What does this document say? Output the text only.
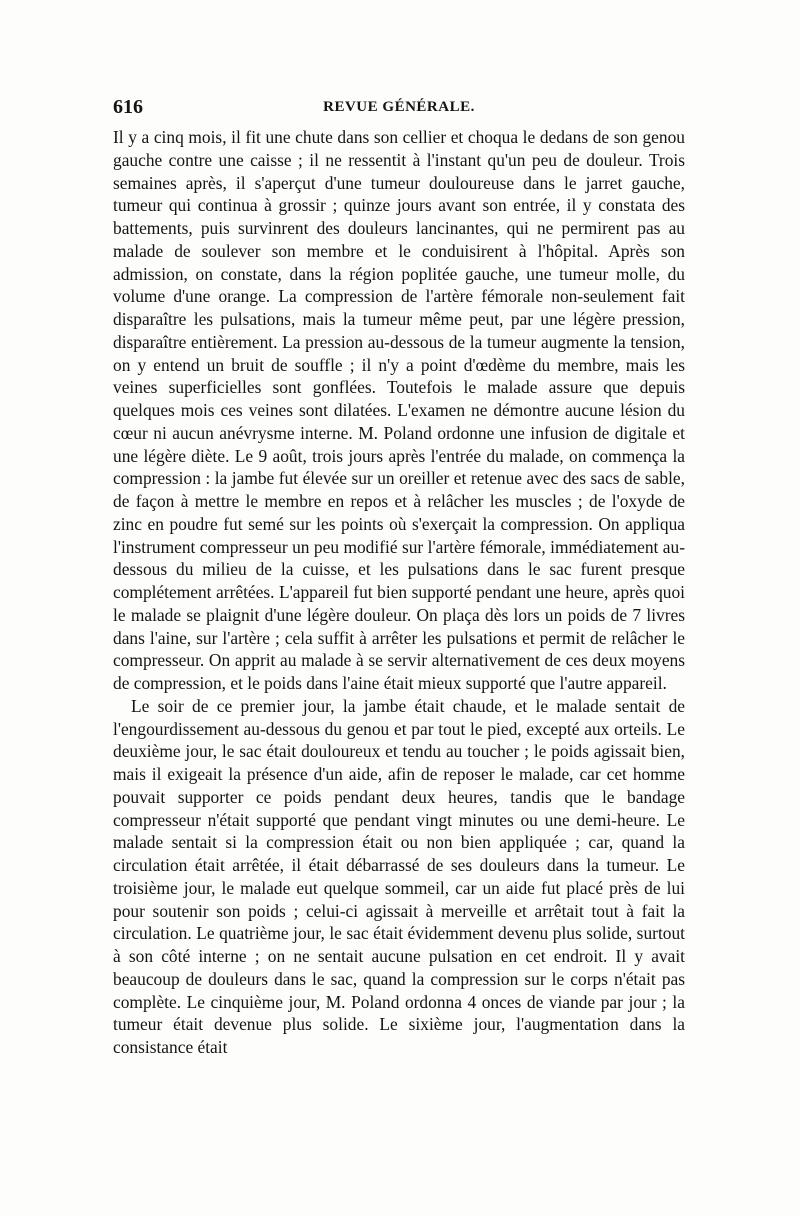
616	REVUE GÉNÉRALE.

Il y a cinq mois, il fit une chute dans son cellier et choqua le dedans de son genou gauche contre une caisse ; il ne ressentit à l'instant qu'un peu de douleur. Trois semaines après, il s'aperçut d'une tumeur douloureuse dans le jarret gauche, tumeur qui continua à grossir ; quinze jours avant son entrée, il y constata des battements, puis survinrent des douleurs lancinantes, qui ne permirent pas au malade de soulever son membre et le conduisirent à l'hôpital. Après son admission, on constate, dans la région poplitée gauche, une tumeur molle, du volume d'une orange. La compression de l'artère fémorale non-seulement fait disparaître les pulsations, mais la tumeur même peut, par une légère pression, disparaître entièrement. La pression au-dessous de la tumeur augmente la tension, on y entend un bruit de souffle ; il n'y a point d'œdème du membre, mais les veines superficielles sont gonflées. Toutefois le malade assure que depuis quelques mois ces veines sont dilatées. L'examen ne démontre aucune lésion du cœur ni aucun anévrysme interne. M. Poland ordonne une infusion de digitale et une légère diète. Le 9 août, trois jours après l'entrée du malade, on commença la compression : la jambe fut élevée sur un oreiller et retenue avec des sacs de sable, de façon à mettre le membre en repos et à relâcher les muscles ; de l'oxyde de zinc en poudre fut semé sur les points où s'exerçait la compression. On appliqua l'instrument compresseur un peu modifié sur l'artère fémorale, immédiatement au-dessous du milieu de la cuisse, et les pulsations dans le sac furent presque complétement arrêtées. L'appareil fut bien supporté pendant une heure, après quoi le malade se plaignit d'une légère douleur. On plaça dès lors un poids de 7 livres dans l'aine, sur l'artère ; cela suffit à arrêter les pulsations et permit de relâcher le compresseur. On apprit au malade à se servir alternativement de ces deux moyens de compression, et le poids dans l'aine était mieux supporté que l'autre appareil.

Le soir de ce premier jour, la jambe était chaude, et le malade sentait de l'engourdissement au-dessous du genou et par tout le pied, excepté aux orteils. Le deuxième jour, le sac était douloureux et tendu au toucher ; le poids agissait bien, mais il exigeait la présence d'un aide, afin de reposer le malade, car cet homme pouvait supporter ce poids pendant deux heures, tandis que le bandage compresseur n'était supporté que pendant vingt minutes ou une demi-heure. Le malade sentait si la compression était ou non bien appliquée ; car, quand la circulation était arrêtée, il était débarrassé de ses douleurs dans la tumeur. Le troisième jour, le malade eut quelque sommeil, car un aide fut placé près de lui pour soutenir son poids ; celui-ci agissait à merveille et arrêtait tout à fait la circulation. Le quatrième jour, le sac était évidemment devenu plus solide, surtout à son côté interne ; on ne sentait aucune pulsation en cet endroit. Il y avait beaucoup de douleurs dans le sac, quand la compression sur le corps n'était pas complète. Le cinquième jour, M. Poland ordonna 4 onces de viande par jour ; la tumeur était devenue plus solide. Le sixième jour, l'augmentation dans la consistance était
